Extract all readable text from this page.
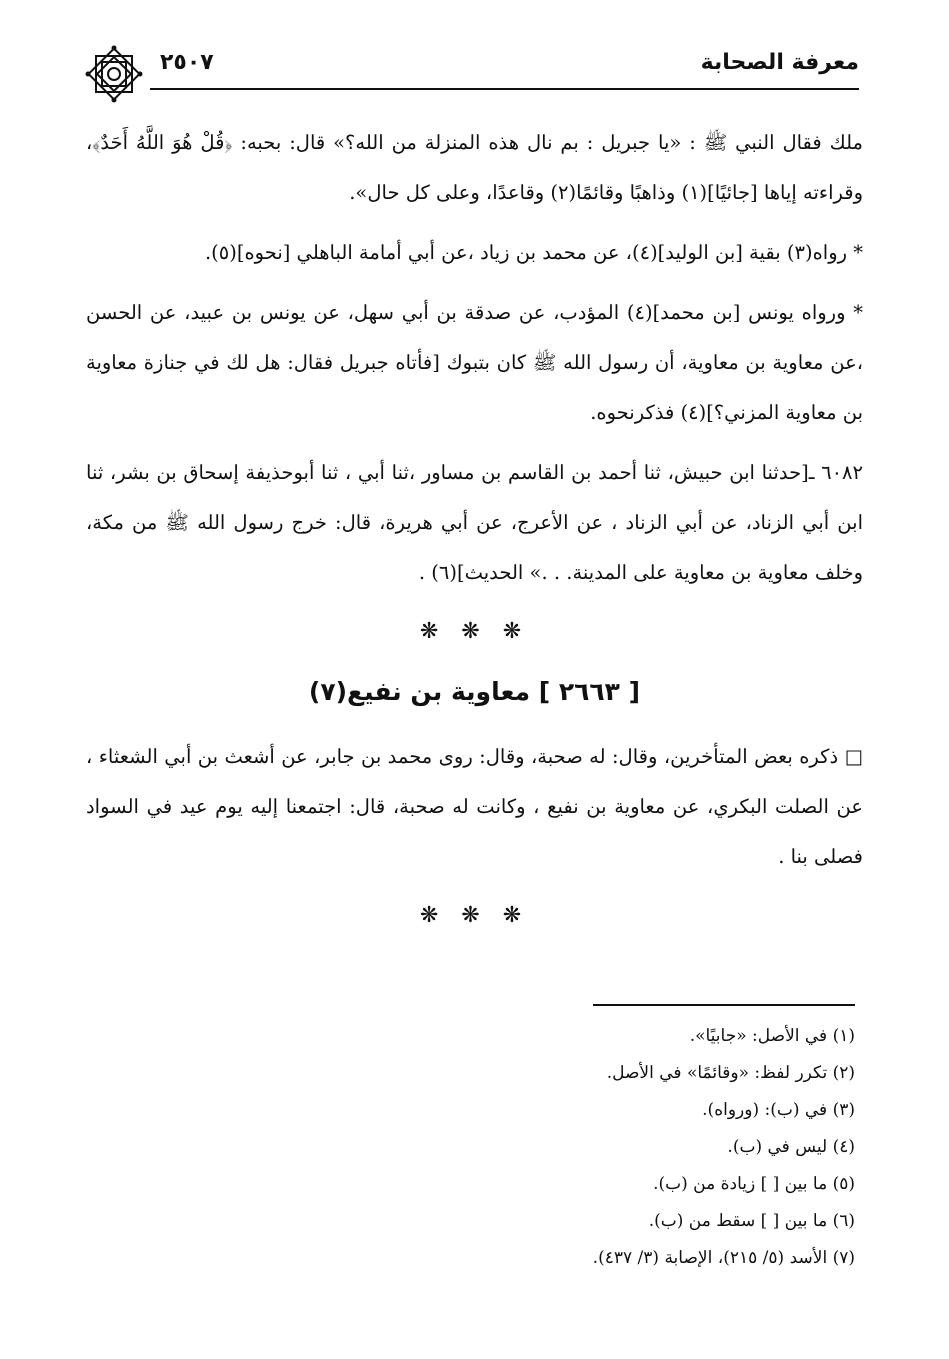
معرفة الصحابة
٢٥٠٧

ملك فقال النبي ﷺ : «يا جبريل : بم نال هذه المنزلة من الله؟» قال: بحبه: ﴿قُلْ هُوَ اللَّهُ أَحَدٌ﴾، وقراءته إياها [جائيًا](١) وذاهبًا وقائمًا(٢) وقاعدًا، وعلى كل حال».

* رواه(٣) بقية [بن الوليد](٤)، عن محمد بن زياد ،عن أبي أمامة الباهلي [نحوه](٥).

* ورواه يونس [بن محمد](٤) المؤدب، عن صدقة بن أبي سهل، عن يونس بن عبيد، عن الحسن ،عن معاوية بن معاوية، أن رسول الله ﷺ كان بتبوك [فأتاه جبريل فقال: هل لك في جنازة معاوية بن معاوية المزني؟](٤) فذكرنحوه.

٦٠٨٢ ـ[حدثنا ابن حبيش، ثنا أحمد بن القاسم بن مساور ،ثنا أبي ، ثنا أبوحذيفة إسحاق بن بشر، ثنا ابن أبي الزناد، عن أبي الزناد ، عن الأعرج، عن أبي هريرة، قال: خرج رسول الله ﷺ من مكة، وخلف معاوية بن معاوية على المدينة. . .» الحديث](٦) .

❋ ❋ ❋
[ ٢٦٦٣ ] معاوية بن نفيع(٧)

□ ذكره بعض المتأخرين، وقال: له صحبة، وقال: روى محمد بن جابر، عن أشعث بن أبي الشعثاء ، عن الصلت البكري، عن معاوية بن نفيع ، وكانت له صحبة، قال: اجتمعنا إليه يوم عيد في السواد فصلى بنا .

❋ ❋ ❋
(١) في الأصل: «جابيًا».
(٢) تكرر لفظ: «وقائمًا» في الأصل.
(٣) في (ب): (ورواه).
(٤) ليس في (ب).
(٥) ما بين [ ] زيادة من (ب).
(٦) ما بين [ ] سقط من (ب).
(٧) الأسد (٥/ ٢١٥)، الإصابة (٣/ ٤٣٧).
